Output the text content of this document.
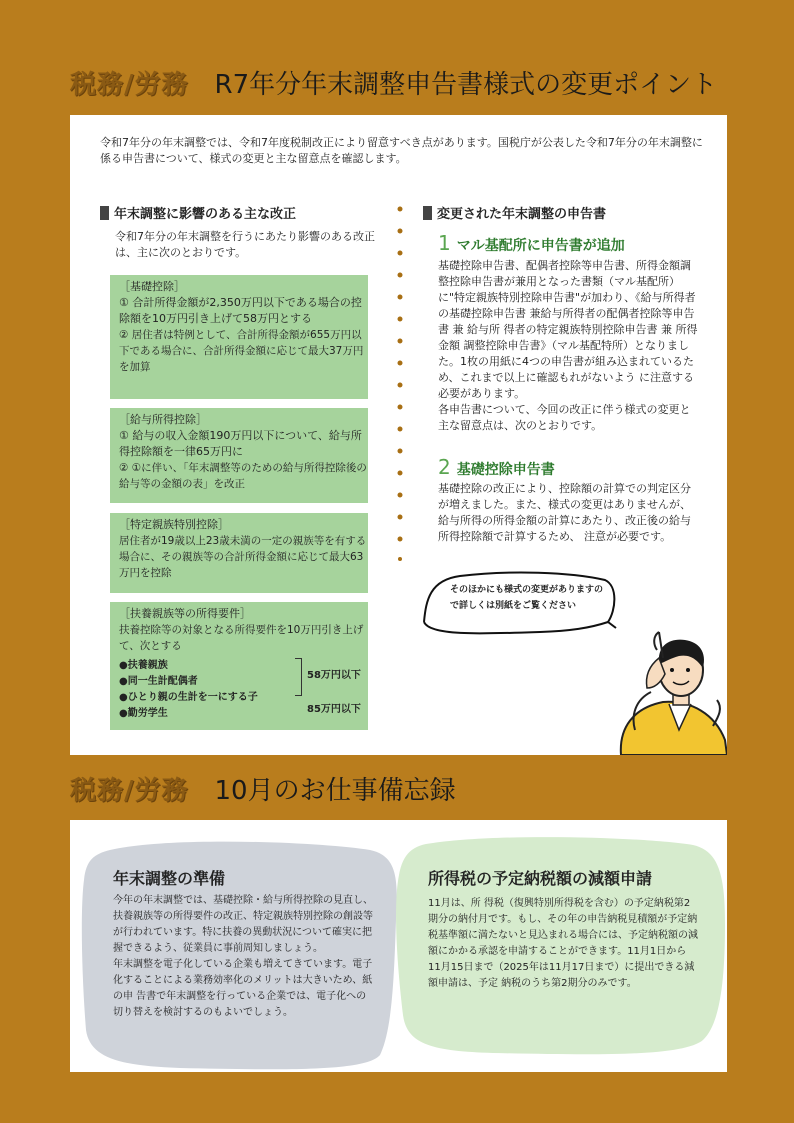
税務/労務 R7年分年末調整申告書様式の変更ポイント
令和7年分の年末調整では、令和7年度税制改正により留意すべき点があります。国税庁が公表した令和7年分の年末調整に係る申告書について、様式の変更と主な留意点を確認します。
年末調整に影響のある主な改正
令和7年分の年末調整を行うにあたり影響のある改正は、主に次のとおりです。
［基礎控除］
① 合計所得金額が2,350万円以下である場合の控除額を10万円引き上げて58万円とする
② 居住者は特例として、合計所得金額が655万円以下である場合に、合計所得金額に応じて最大37万円を加算
［給与所得控除］
① 給与の収入金額190万円以下について、給与所得控除額を一律65万円に
② ①に伴い、「年末調整等のための給与所得控除後の給与等の金額の表」を改正
［特定親族特別控除］
居住者が19歳以上23歳未満の一定の親族等を有する場合に、その親族等の合計所得金額に応じて最大63万円を控除
［扶養親族等の所得要件］
扶養控除等の対象となる所得要件を10万円引き上げて、次とする
●扶養親族
●同一生計配偶者
●ひとり親の生計を一にする子
●勤労学生
58万円以下
85万円以下
変更された年末調整の申告書
1 マル基配所に申告書が追加
基礎控除申告書、配偶者控除等申告書、所得金額調整控除申告書が兼用となった書類（マル基配所）に"特定親族特別控除申告書"が加わり、《給与所得者の基礎控除申告書 兼給与所得者の配偶者控除等申告書 兼 給与所 得者の特定親族特別控除申告書 兼 所得金額 調整控除申告書》（マル基配特所）となりました。1枚の用紙に4つの申告書が組み込まれているため、これまで以上に確認もれがないよう に注意する必要があります。
各申告書について、今回の改正に伴う様式の変更と主な留意点は、次のとおりです。
2 基礎控除申告書
基礎控除の改正により、控除額の計算での判定区分が増えました。また、様式の変更はありませんが、給与所得の所得金額の計算にあたり、改正後の給与所得控除額で計算するため、 注意が必要です。
そのほかにも様式の変更がありますので詳しくは別紙をご覧ください
税務/労務 10月のお仕事備忘録
年末調整の準備
今年の年末調整では、基礎控除・給与所得控除の見直し、扶養親族等の所得要件の改正、特定親族特別控除の創設等が行われています。特に扶養の異動状況について確実に把握できるよう、従業員に事前周知しましょう。
年末調整を電子化している企業も増えてきています。電子化することによる業務効率化のメリットは大きいため、紙の申 告書で年末調整を行っている企業では、電子化への切り替えを検討するのもよいでしょう。
所得税の予定納税額の減額申請
11月は、所 得税（復興特別所得税を含む）の予定納税第2期分の納付月です。もし、その年の申告納税見積額が予定納税基準額に満たないと見込まれる場合には、予定納税額の減額にかかる承認を申請することができます。11月1日から11月15日まで（2025年は11月17日まで）に提出できる減額申請は、予定 納税のうち第2期分のみです。
